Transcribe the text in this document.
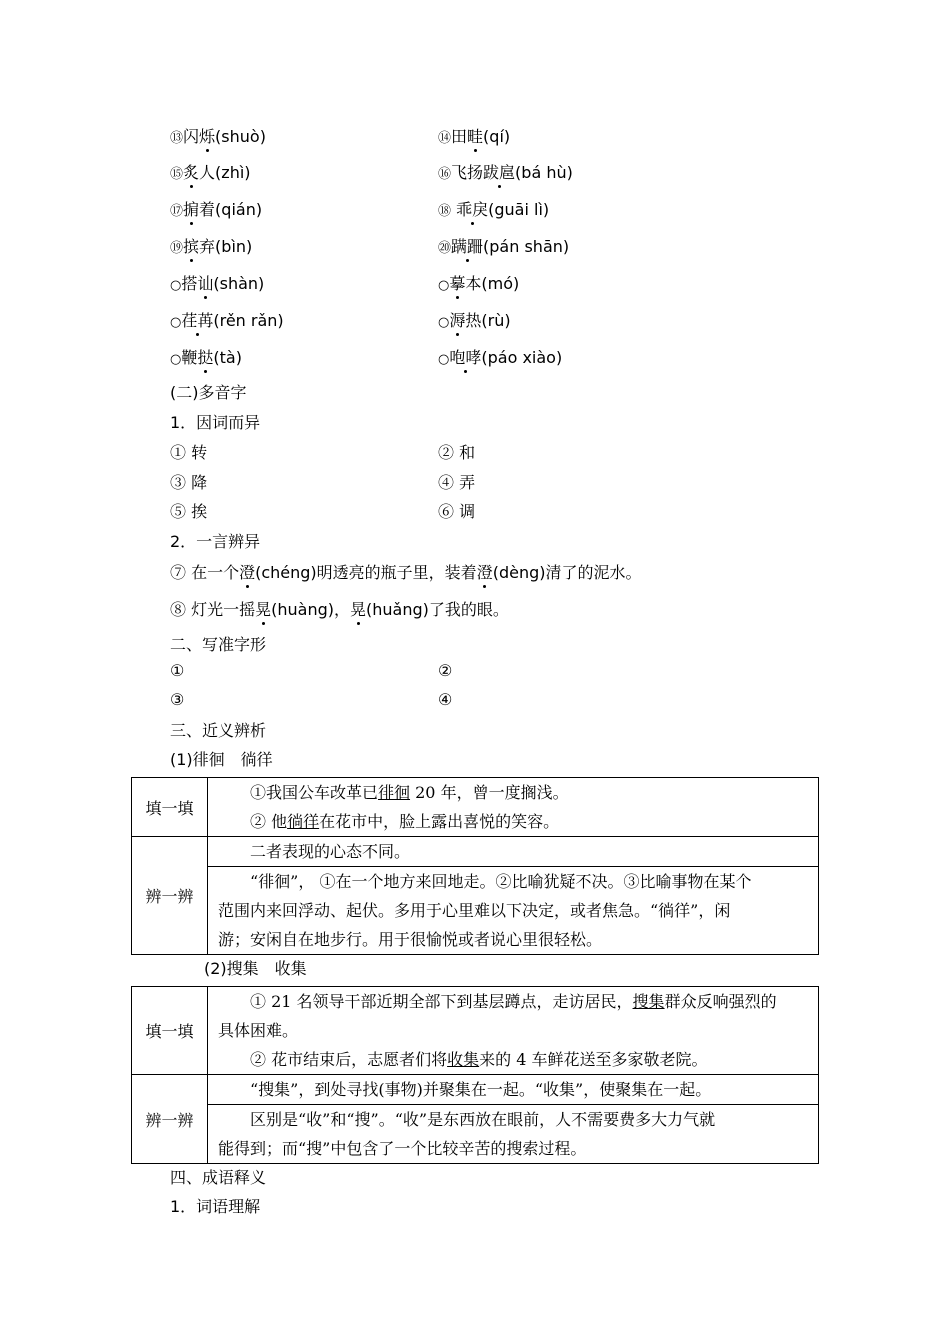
⑬闪烁(shuò)	⑭田畦(qí)
⑮炙人(zhì)	⑯飞扬跋扈(bá hù)
⑰掮着(qián)	⑱ 乖戾(guāi lì)
⑲摈弃(bìn)	⑳蹒跚(pán shān)
○搭讪(shàn)	○摹本(mó)
○荏苒(rěn rǎn)	○溽热(rù)
○鞭挞(tà)	○咆哮(páo xiào)
(二)多音字
1．因词而异
① 转	② 和
③ 降	④ 弄
⑤ 挨	⑥ 调
2．一言辨异
⑦ 在一个澄(chéng)明透亮的瓶子里，装着澄(dèng)清了的泥水。
⑧ 灯光一摇晃(huàng)，晃(huǎng)了我的眼。
二、写准字形
①	②
③	④
三、近义辨析
(1)徘徊　徜徉
填一填	①我国公车改革已徘徊 20 年，曾一度搁浅。
② 他徜徉在花市中，脸上露出喜悦的笑容。

辨一辨	二者表现的心态不同。
“徘徊”， ①在一个地方来回地走。②比喻犹疑不决。③比喻事物在某个
范围内来回浮动、起伏。多用于心里难以下决定，或者焦急。“徜徉”，闲
游；安闲自在地步行。用于很愉悦或者说心里很轻松。
(2)搜集　收集
填一填	① 21 名领导干部近期全部下到基层蹲点，走访居民，搜集群众反响强烈的
具体困难。
② 花市结束后，志愿者们将收集来的 4 车鲜花送至多家敬老院。

辨一辨	“搜集”，到处寻找(事物)并聚集在一起。“收集”，使聚集在一起。
区别是“收”和“搜”。“收”是东西放在眼前，人不需要费多大力气就
能得到；而“搜”中包含了一个比较辛苦的搜索过程。
四、成语释义
1．词语理解
